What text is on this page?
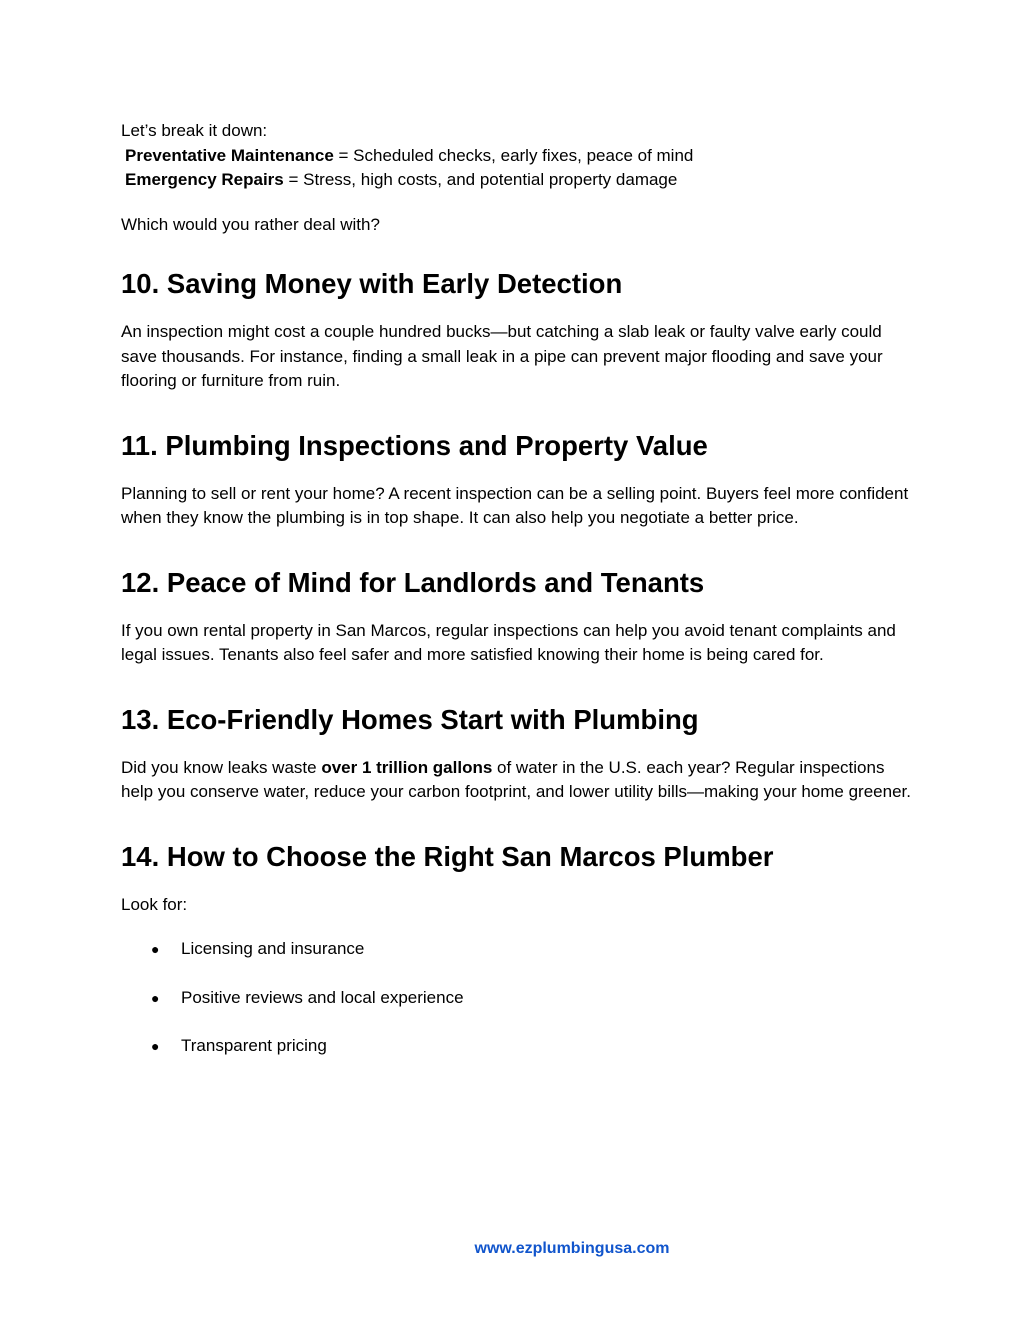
Let’s break it down:

Preventative Maintenance = Scheduled checks, early fixes, peace of mind

Emergency Repairs = Stress, high costs, and potential property damage

Which would you rather deal with?

10. Saving Money with Early Detection

An inspection might cost a couple hundred bucks—but catching a slab leak or faulty valve early could save thousands. For instance, finding a small leak in a pipe can prevent major flooding and save your flooring or furniture from ruin.

11. Plumbing Inspections and Property Value

Planning to sell or rent your home? A recent inspection can be a selling point. Buyers feel more confident when they know the plumbing is in top shape. It can also help you negotiate a better price.

12. Peace of Mind for Landlords and Tenants

If you own rental property in San Marcos, regular inspections can help you avoid tenant complaints and legal issues. Tenants also feel safer and more satisfied knowing their home is being cared for.

13. Eco-Friendly Homes Start with Plumbing

Did you know leaks waste over 1 trillion gallons of water in the U.S. each year? Regular inspections help you conserve water, reduce your carbon footprint, and lower utility bills—making your home greener.

14. How to Choose the Right San Marcos Plumber

Look for:

●	Licensing and insurance
●	Positive reviews and local experience
●	Transparent pricing
www.ezplumbingusa.com
